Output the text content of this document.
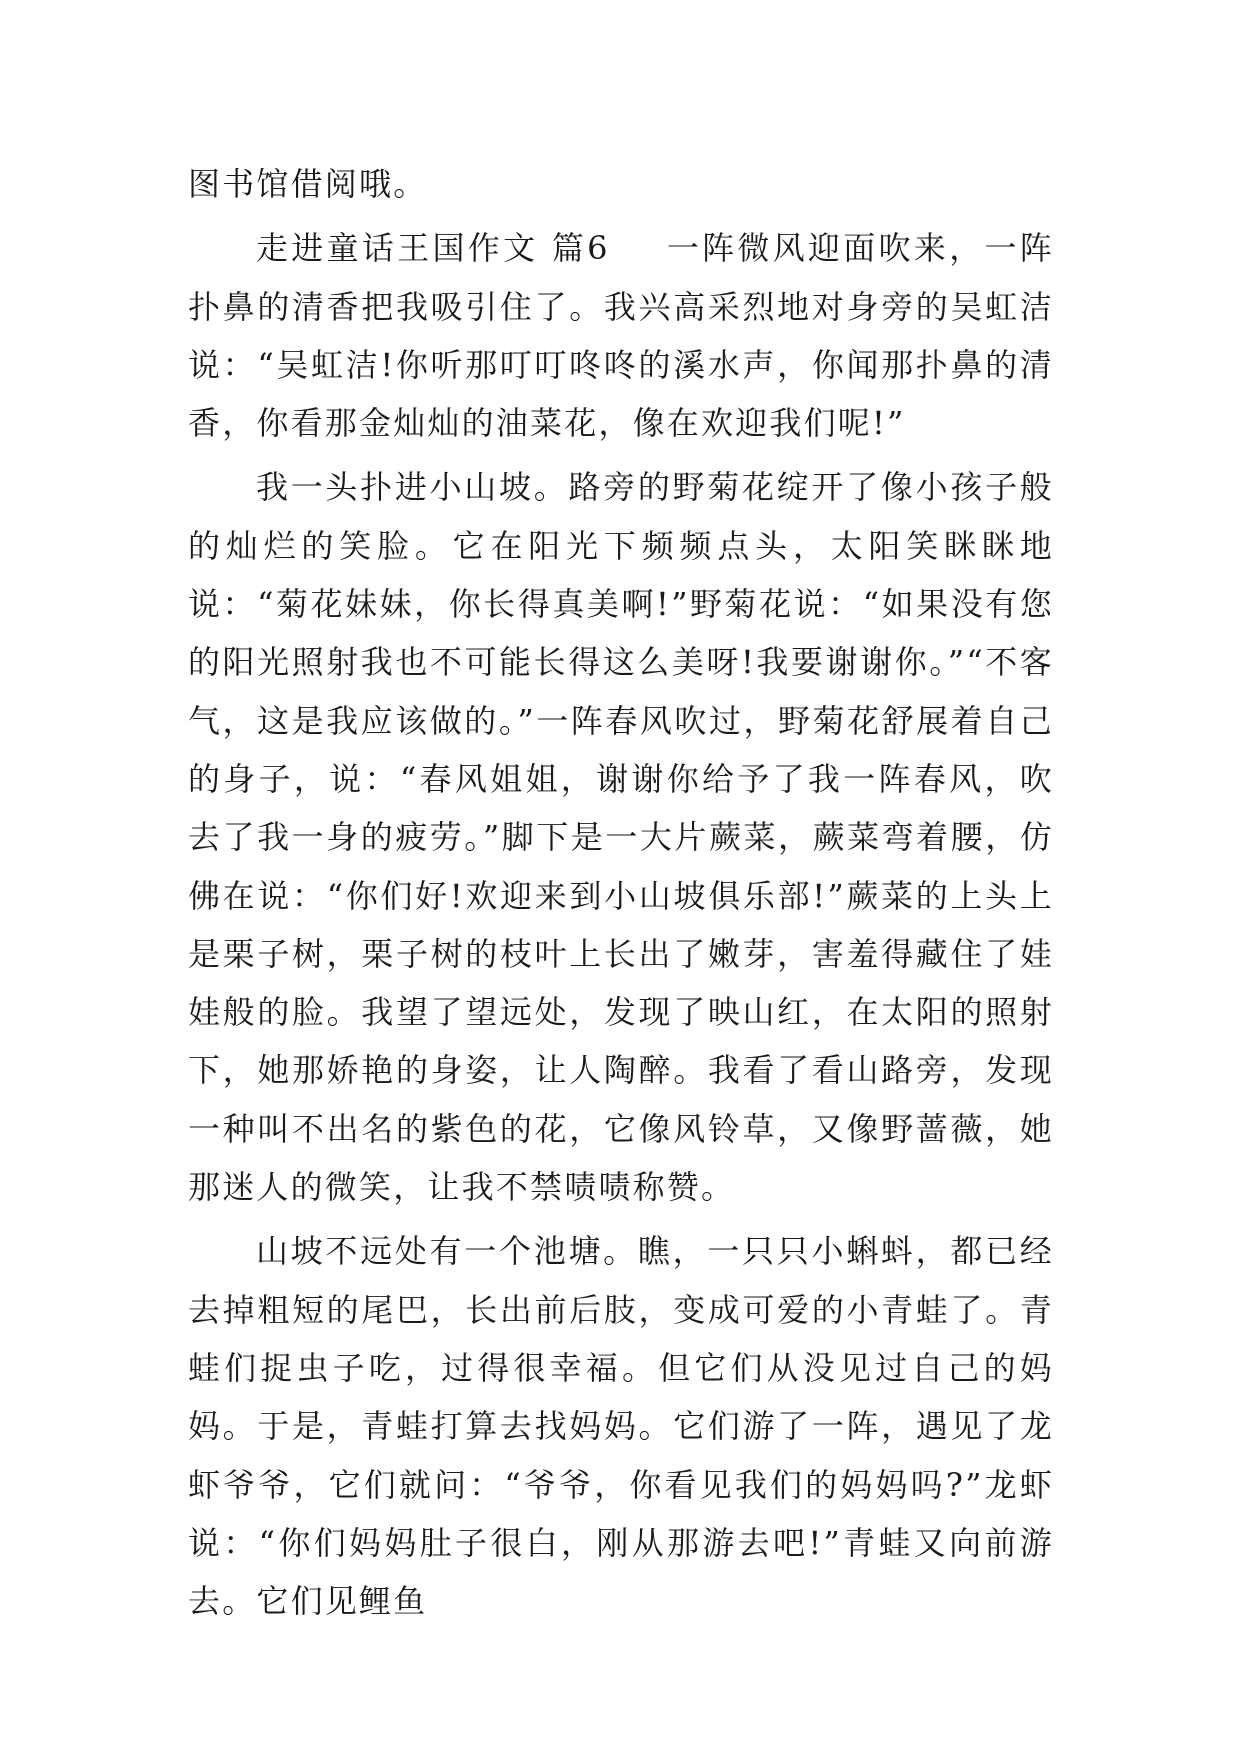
图书馆借阅哦。

走进童话王国作文 篇6 一阵微风迎面吹来，一阵扑鼻的清香把我吸引住了。我兴高采烈地对身旁的吴虹洁说：“吴虹洁!你听那叮叮咚咚的溪水声，你闻那扑鼻的清香，你看那金灿灿的油菜花，像在欢迎我们呢!”

我一头扑进小山坡。路旁的野菊花绽开了像小孩子般的灿烂的笑脸。它在阳光下频频点头，太阳笑眯眯地说：“菊花妹妹，你长得真美啊!”野菊花说：“如果没有您的阳光照射我也不可能长得这么美呀!我要谢谢你。”“不客气，这是我应该做的。”一阵春风吹过，野菊花舒展着自己的身子，说：“春风姐姐，谢谢你给予了我一阵春风，吹去了我一身的疲劳。”脚下是一大片蕨菜，蕨菜弯着腰，仿佛在说：“你们好!欢迎来到小山坡俱乐部!”蕨菜的上头上是栗子树，栗子树的枝叶上长出了嫩芽，害羞得藏住了娃娃般的脸。我望了望远处，发现了映山红，在太阳的照射下，她那娇艳的身姿，让人陶醉。我看了看山路旁，发现一种叫不出名的紫色的花，它像风铃草，又像野蔷薇，她那迷人的微笑，让我不禁啧啧称赞。

山坡不远处有一个池塘。瞧，一只只小蝌蚪，都已经去掉粗短的尾巴，长出前后肢，变成可爱的小青蛙了。青蛙们捉虫子吃，过得很幸福。但它们从没见过自己的妈妈。于是，青蛙打算去找妈妈。它们游了一阵，遇见了龙虾爷爷，它们就问：“爷爷，你看见我们的妈妈吗?”龙虾说：“你们妈妈肚子很白，刚从那游去吧!”青蛙又向前游去。它们见鲤鱼
